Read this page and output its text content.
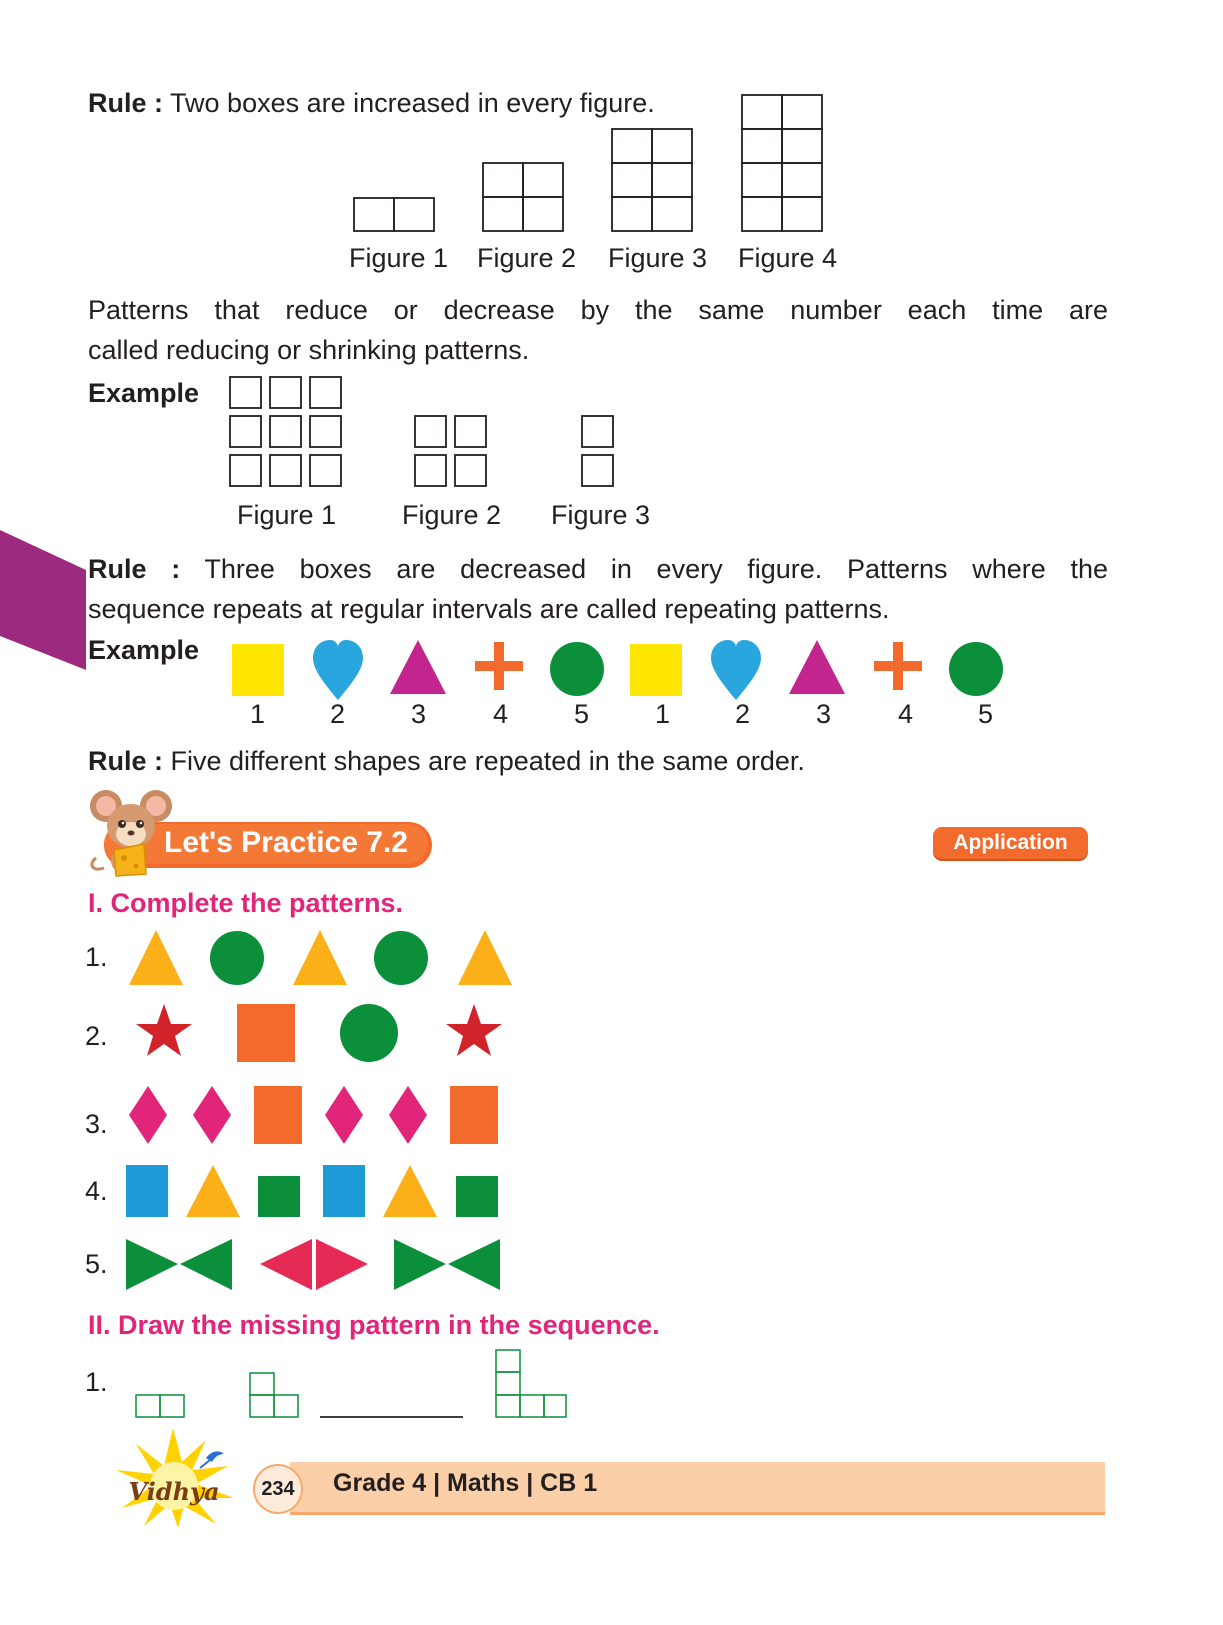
Rule : Two boxes are increased in every figure.
Figure 1 Figure 2 Figure 3 Figure 4
Patterns that reduce or decrease by the same number each time are
called reducing or shrinking patterns.
Example
Figure 1 Figure 2 Figure 3
Rule : Three boxes are decreased in every figure. Patterns where the
sequence repeats at regular intervals are called repeating patterns.
Example
1 2 3 4 5 1 2 3 4 5
Rule : Five different shapes are repeated in the same order.
Let's Practice 7.2	Application
I. Complete the patterns.
1.
2.
3.
4.
5.
II. Draw the missing pattern in the sequence.
1.
Vidhya	234	Grade 4 | Maths | CB 1
